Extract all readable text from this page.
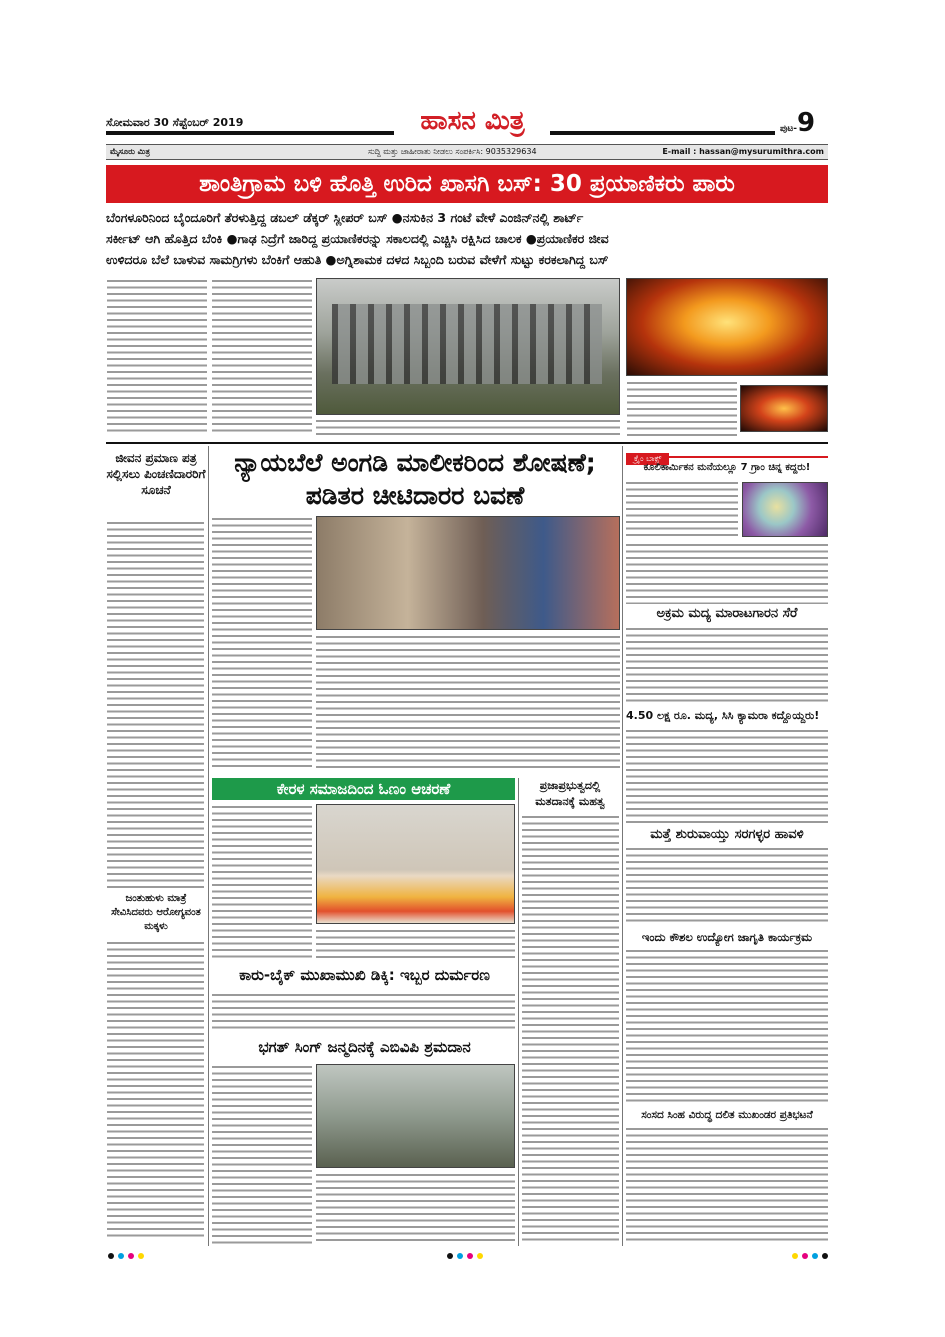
ಸೋಮವಾರ 30 ಸೆಪ್ಟೆಂಬರ್ 2019	ಹಾಸನ ಮಿತ್ರ	ಪುಟ-9
ಮೈಸೂರು ಮಿತ್ರ	ಸುದ್ದಿ ಮತ್ತು ಜಾಹೀರಾತು ನೀಡಲು ಸಂಪರ್ಕಿಸಿ: 9035329634	E-mail : hassan@mysurumithra.com
ಶಾಂತಿಗ್ರಾಮ ಬಳಿ ಹೊತ್ತಿ ಉರಿದ ಖಾಸಗಿ ಬಸ್: 30 ಪ್ರಯಾಣಿಕರು ಪಾರು
ಬೆಂಗಳೂರಿನಿಂದ ಬೈಂದೂರಿಗೆ ತೆರಳುತ್ತಿದ್ದ ಡಬಲ್ ಡೆಕ್ಕರ್ ಸ್ಲೀಪರ್ ಬಸ್ ●ನಸುಕಿನ 3 ಗಂಟೆ ವೇಳೆ ಎಂಜಿನ್‌ನಲ್ಲಿ ಶಾರ್ಟ್
ಸರ್ಕೀಟ್ ಆಗಿ ಹೊತ್ತಿದ ಬೆಂಕಿ ●ಗಾಢ ನಿದ್ರೆಗೆ ಜಾರಿದ್ದ ಪ್ರಯಾಣಿಕರನ್ನು ಸಕಾಲದಲ್ಲಿ ಎಚ್ಚಿಸಿ ರಕ್ಷಿಸಿದ ಚಾಲಕ ●ಪ್ರಯಾಣಿಕರ ಜೀವ
ಉಳಿದರೂ ಬೆಲೆ ಬಾಳುವ ಸಾಮಗ್ರಿಗಳು ಬೆಂಕಿಗೆ ಆಹುತಿ ●ಅಗ್ನಿಶಾಮಕ ದಳದ ಸಿಬ್ಬಂದಿ ಬರುವ ವೇಳೆಗೆ ಸುಟ್ಟು ಕರಕಲಾಗಿದ್ದ ಬಸ್
ಜೀವನ ಪ್ರಮಾಣ ಪತ್ರ ಸಲ್ಲಿಸಲು ಪಿಂಚಣಿದಾರರಿಗೆ ಸೂಚನೆ
ಜಂತುಹುಳು ಮಾತ್ರೆ ಸೇವಿಸಿದವರು ಆರೋಗ್ಯವಂತ ಮಕ್ಕಳು
ನ್ಯಾಯಬೆಲೆ ಅಂಗಡಿ ಮಾಲೀಕರಿಂದ ಶೋಷಣೆ; ಪಡಿತರ ಚೀಟಿದಾರರ ಬವಣೆ
ಕೇರಳ ಸಮಾಜದಿಂದ ಓಣಂ ಆಚರಣೆ	ಪ್ರಜಾಪ್ರಭುತ್ವದಲ್ಲಿ ಮತದಾನಕ್ಕೆ ಮಹತ್ವ
ಕಾರು-ಬೈಕ್ ಮುಖಾಮುಖಿ ಡಿಕ್ಕಿ: ಇಬ್ಬರ ದುರ್ಮರಣ
ಭಗತ್ ಸಿಂಗ್ ಜನ್ಮದಿನಕ್ಕೆ ಎಬಿವಿಪಿ ಶ್ರಮದಾನ
ಕ್ರೈಂ ಬಾಕ್ಸ್
ಕೂಲಿಕಾರ್ಮಿಕನ ಮನೆಯಲ್ಲೂ 7 ಗ್ರಾಂ ಚಿನ್ನ ಕದ್ದರು!
ಅಕ್ರಮ ಮದ್ಯ ಮಾರಾಟಗಾರನ ಸೆರೆ
4.50 ಲಕ್ಷ ರೂ. ಮದ್ಯ, ಸಿಸಿ ಕ್ಯಾಮರಾ ಕದ್ದೊಯ್ದರು!
ಮತ್ತೆ ಶುರುವಾಯ್ತು ಸರಗಳ್ಳರ ಹಾವಳಿ
ಇಂದು ಕೌಶಲ ಉದ್ಯೋಗ ಜಾಗೃತಿ ಕಾರ್ಯಕ್ರಮ
ಸಂಸದ ಸಿಂಹ ವಿರುದ್ಧ ದಲಿತ ಮುಖಂಡರ ಪ್ರತಿಭಟನೆ
